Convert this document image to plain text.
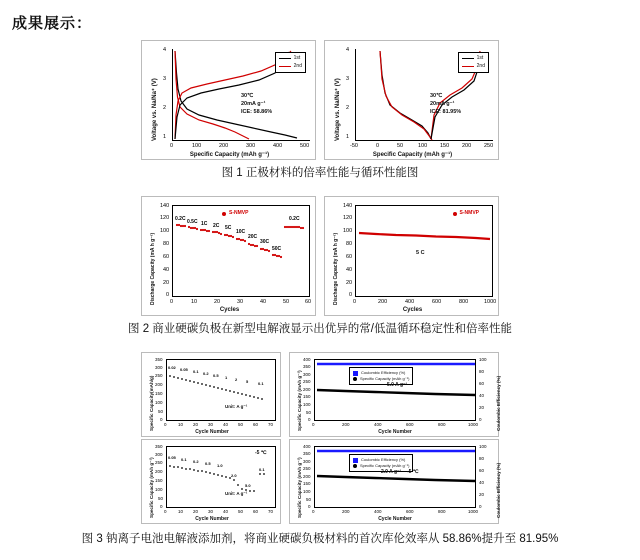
成果展示：
Voltage vs. Na/Na⁺ (V)
1st
2nd
30℃
20mA g⁻¹
ICE: 58.86%
4
3
2
1
0	100	200	300	400	500
Specific Capacity (mAh g⁻¹)
Voltage vs. Na/Na⁺ (V)
1st
2nd
30℃
20mA g⁻¹
ICE: 81.95%
4
3
2
1
-50	0	50	100 150 200 250
Specific Capacity (mAh g⁻¹)
图 1 正极材料的倍率性能与循环性能图
Discharge Capacity (mA h g⁻¹)
S-NMVP
0.2C 0.5C 1C 2C 5C
10C
20C
30C
50C
0.2C
140
120
100
80
60
40
20
0
0	10	20	30	40	50	60
Cycles
Discharge Capacity (mA h g⁻¹)
S-NMVP
5 C
140
120
100
80
60
40
20
0
0	200	400	600	800	1000
Cycles
图 2 商业硬碳负极在新型电解液显示出优异的常/低温循环稳定性和倍率性能
Specific Capacity(mAh/g)
0.02 0.05 0.1 0.2 0.5 1 2 5 0.1
Unit: A g⁻¹
350
300
250
200
150
100
50
0
0	10 20 30 40 50 60 70
Cycle Number
Specific Capacity (mAh g⁻¹)	Coulombic Efficiency (%)
Coulombic Efficiency (%)
Specific Capacity (mAh g⁻¹)
5.0 A g⁻¹
400
350
300
250
200
150
100
50
0
100
80
60
40
20
0
0	200	400	600	800	1000
Cycle Number
Specific Capacity (mAh g⁻¹)
-5 ℃
Unit: A g⁻¹
0.05 0.1 0.2 0.5 1.0
2.0
5.0
0.1
350
300
250
200
150
100
50
0
0	10 20 30 40 50 60 70
Cycle Number
Specific Capacity (mAh g⁻¹)	Coulombic Efficiency (%)
Coulombic Efficiency (%)
Specific Capacity (mAh g⁻¹)
2.0 A g⁻¹ -5 ℃
400
350
300
250
200
150
100
50
0
100
80
60
40
20
0
0	200	400	600	800	1000
Cycle Number
图 3 钠离子电池电解液添加剂，将商业硬碳负极材料的首次库伦效率从 58.86%提升至 81.95%
